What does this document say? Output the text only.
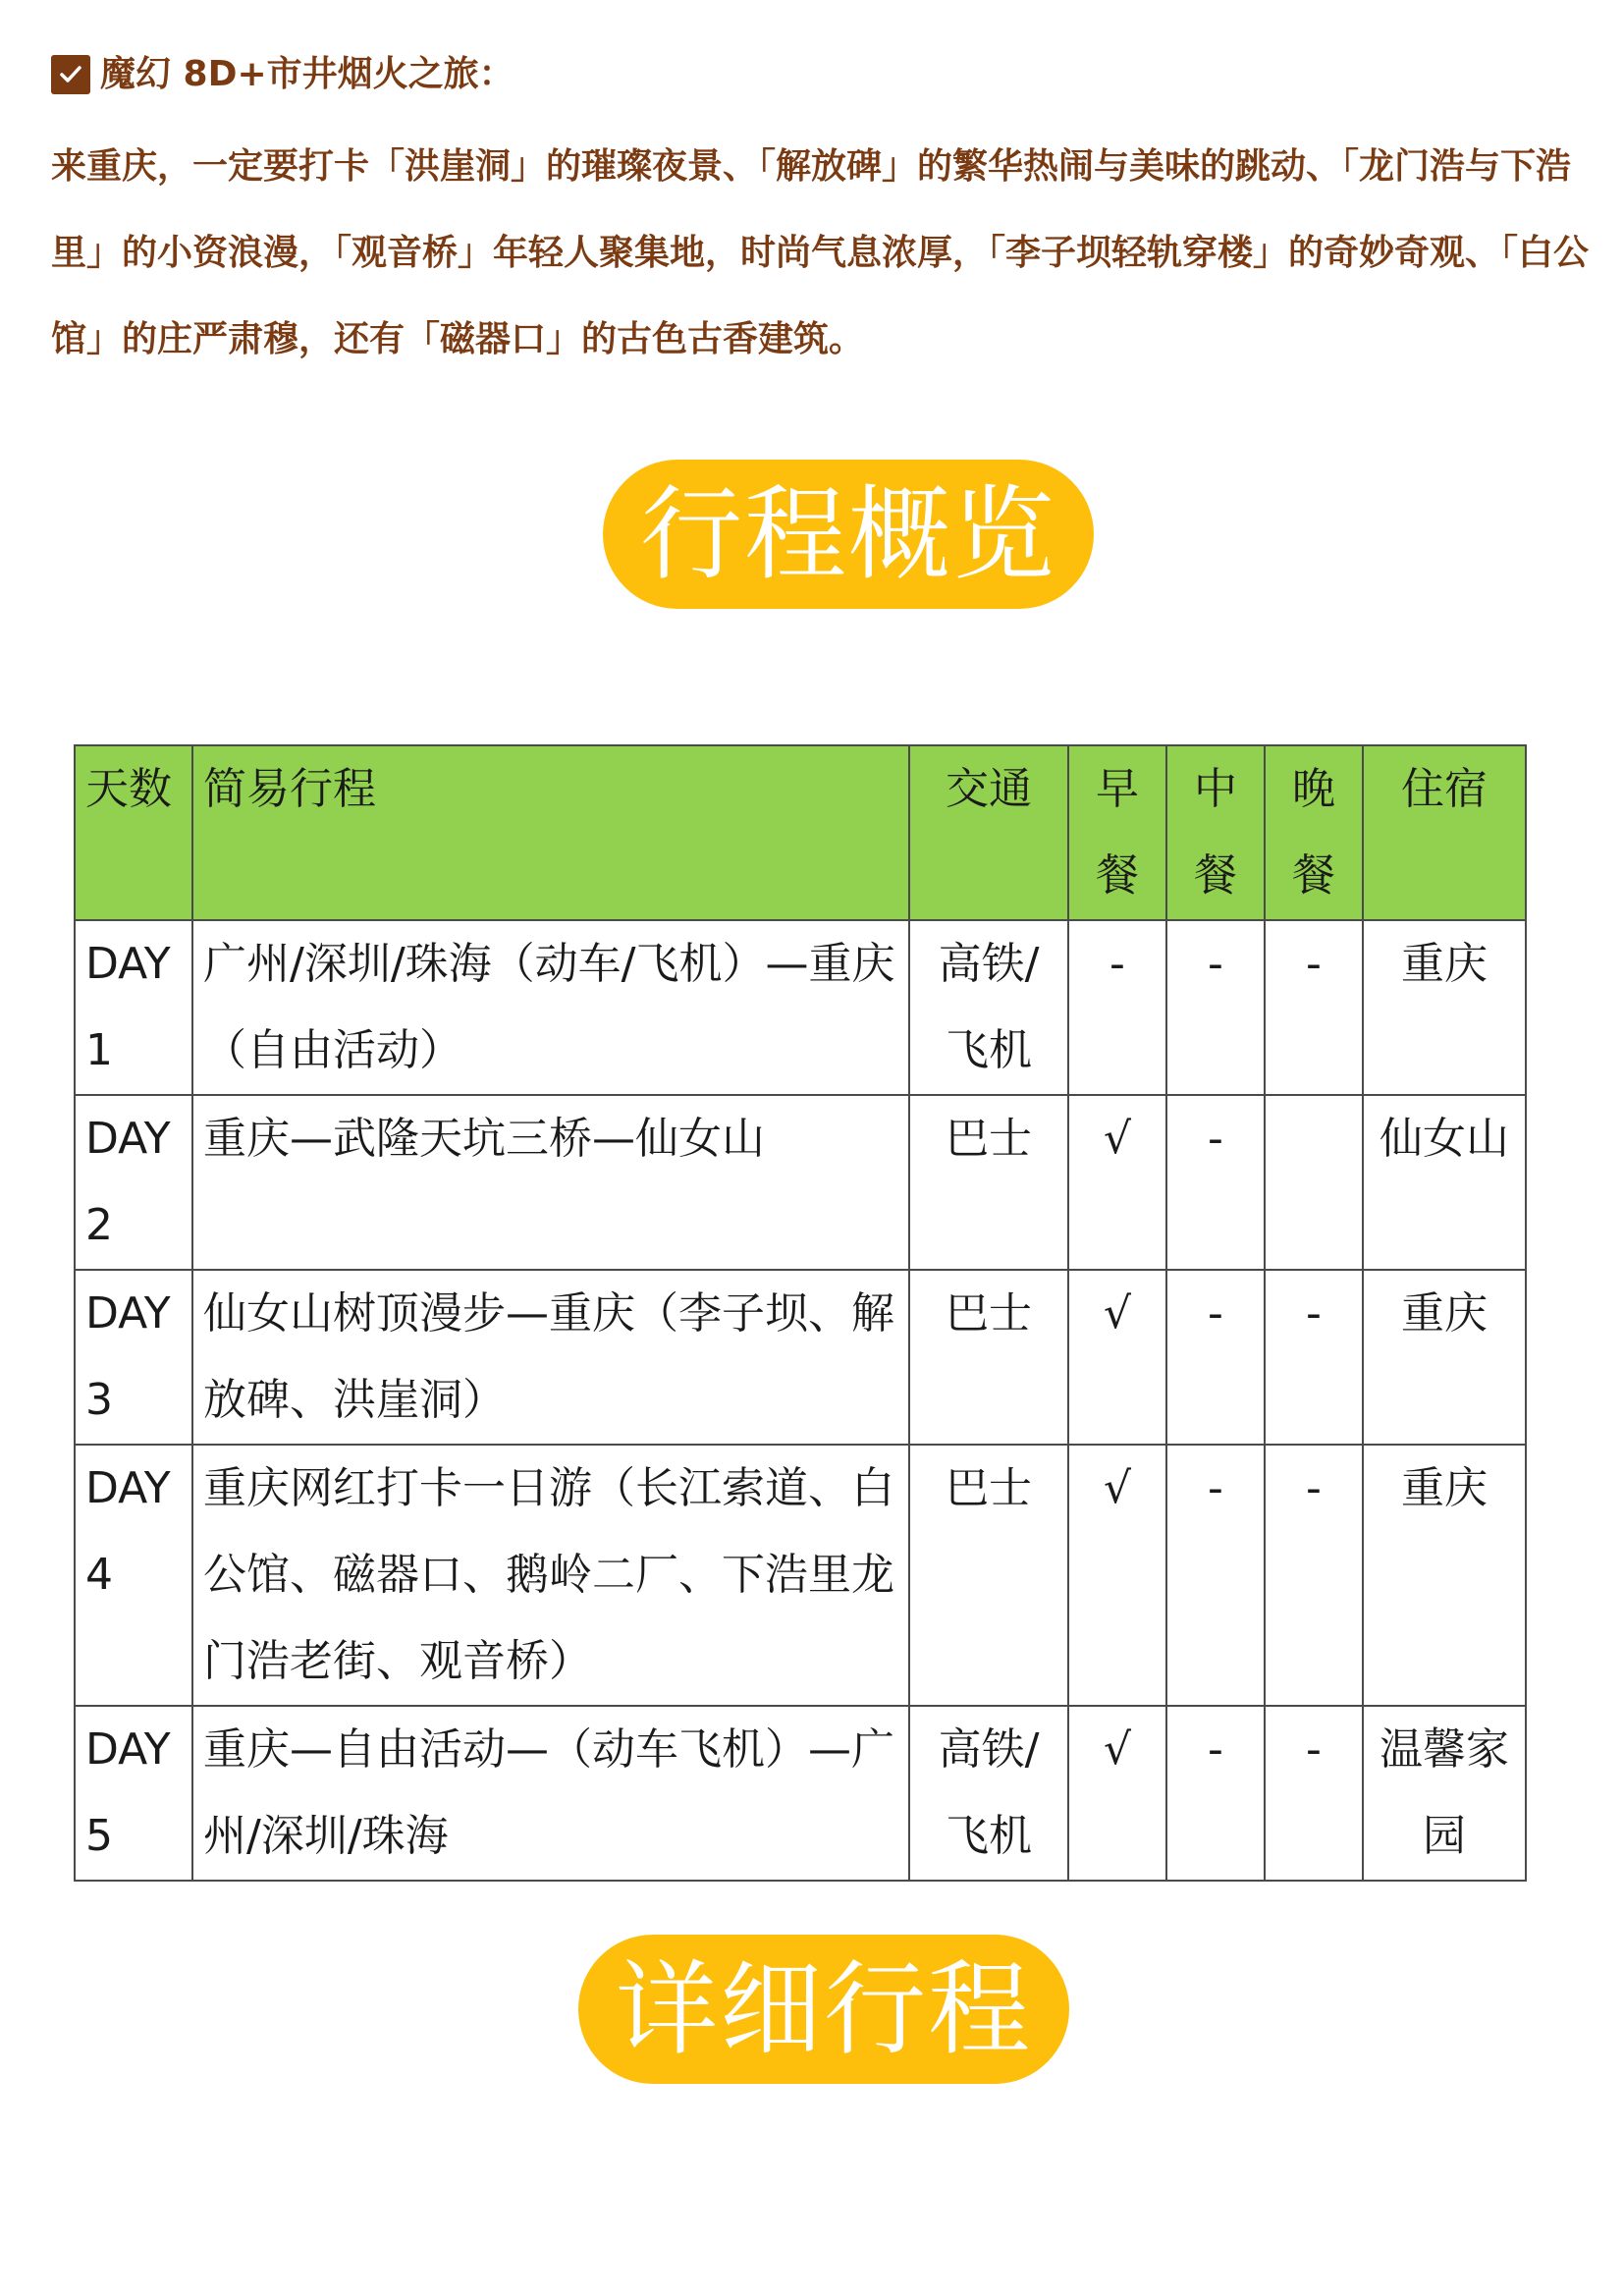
魔幻 8D+市井烟火之旅：
来重庆，一定要打卡「洪崖洞」的璀璨夜景、「解放碑」的繁华热闹与美味的跳动、「龙门浩与下浩里」的小资浪漫，「观音桥」年轻人聚集地，时尚气息浓厚，「李子坝轻轨穿楼」的奇妙奇观、「白公馆」的庄严肃穆，还有「磁器口」的古色古香建筑。
行程概览
天数	简易行程	交通	早餐	中餐	晚餐	住宿
DAY1	广州/深圳/珠海（动车/飞机）—重庆（自由活动）	高铁/飞机	-	-	-	重庆
DAY2	重庆—武隆天坑三桥—仙女山	巴士	√	-		仙女山
DAY3	仙女山树顶漫步—重庆（李子坝、解放碑、洪崖洞）	巴士	√	-	-	重庆
DAY4	重庆网红打卡一日游（长江索道、白公馆、磁器口、鹅岭二厂、下浩里龙门浩老街、观音桥）	巴士	√	-	-	重庆
DAY5	重庆—自由活动—（动车飞机）—广州/深圳/珠海	高铁/飞机	√	-	-	温馨家园
详细行程
